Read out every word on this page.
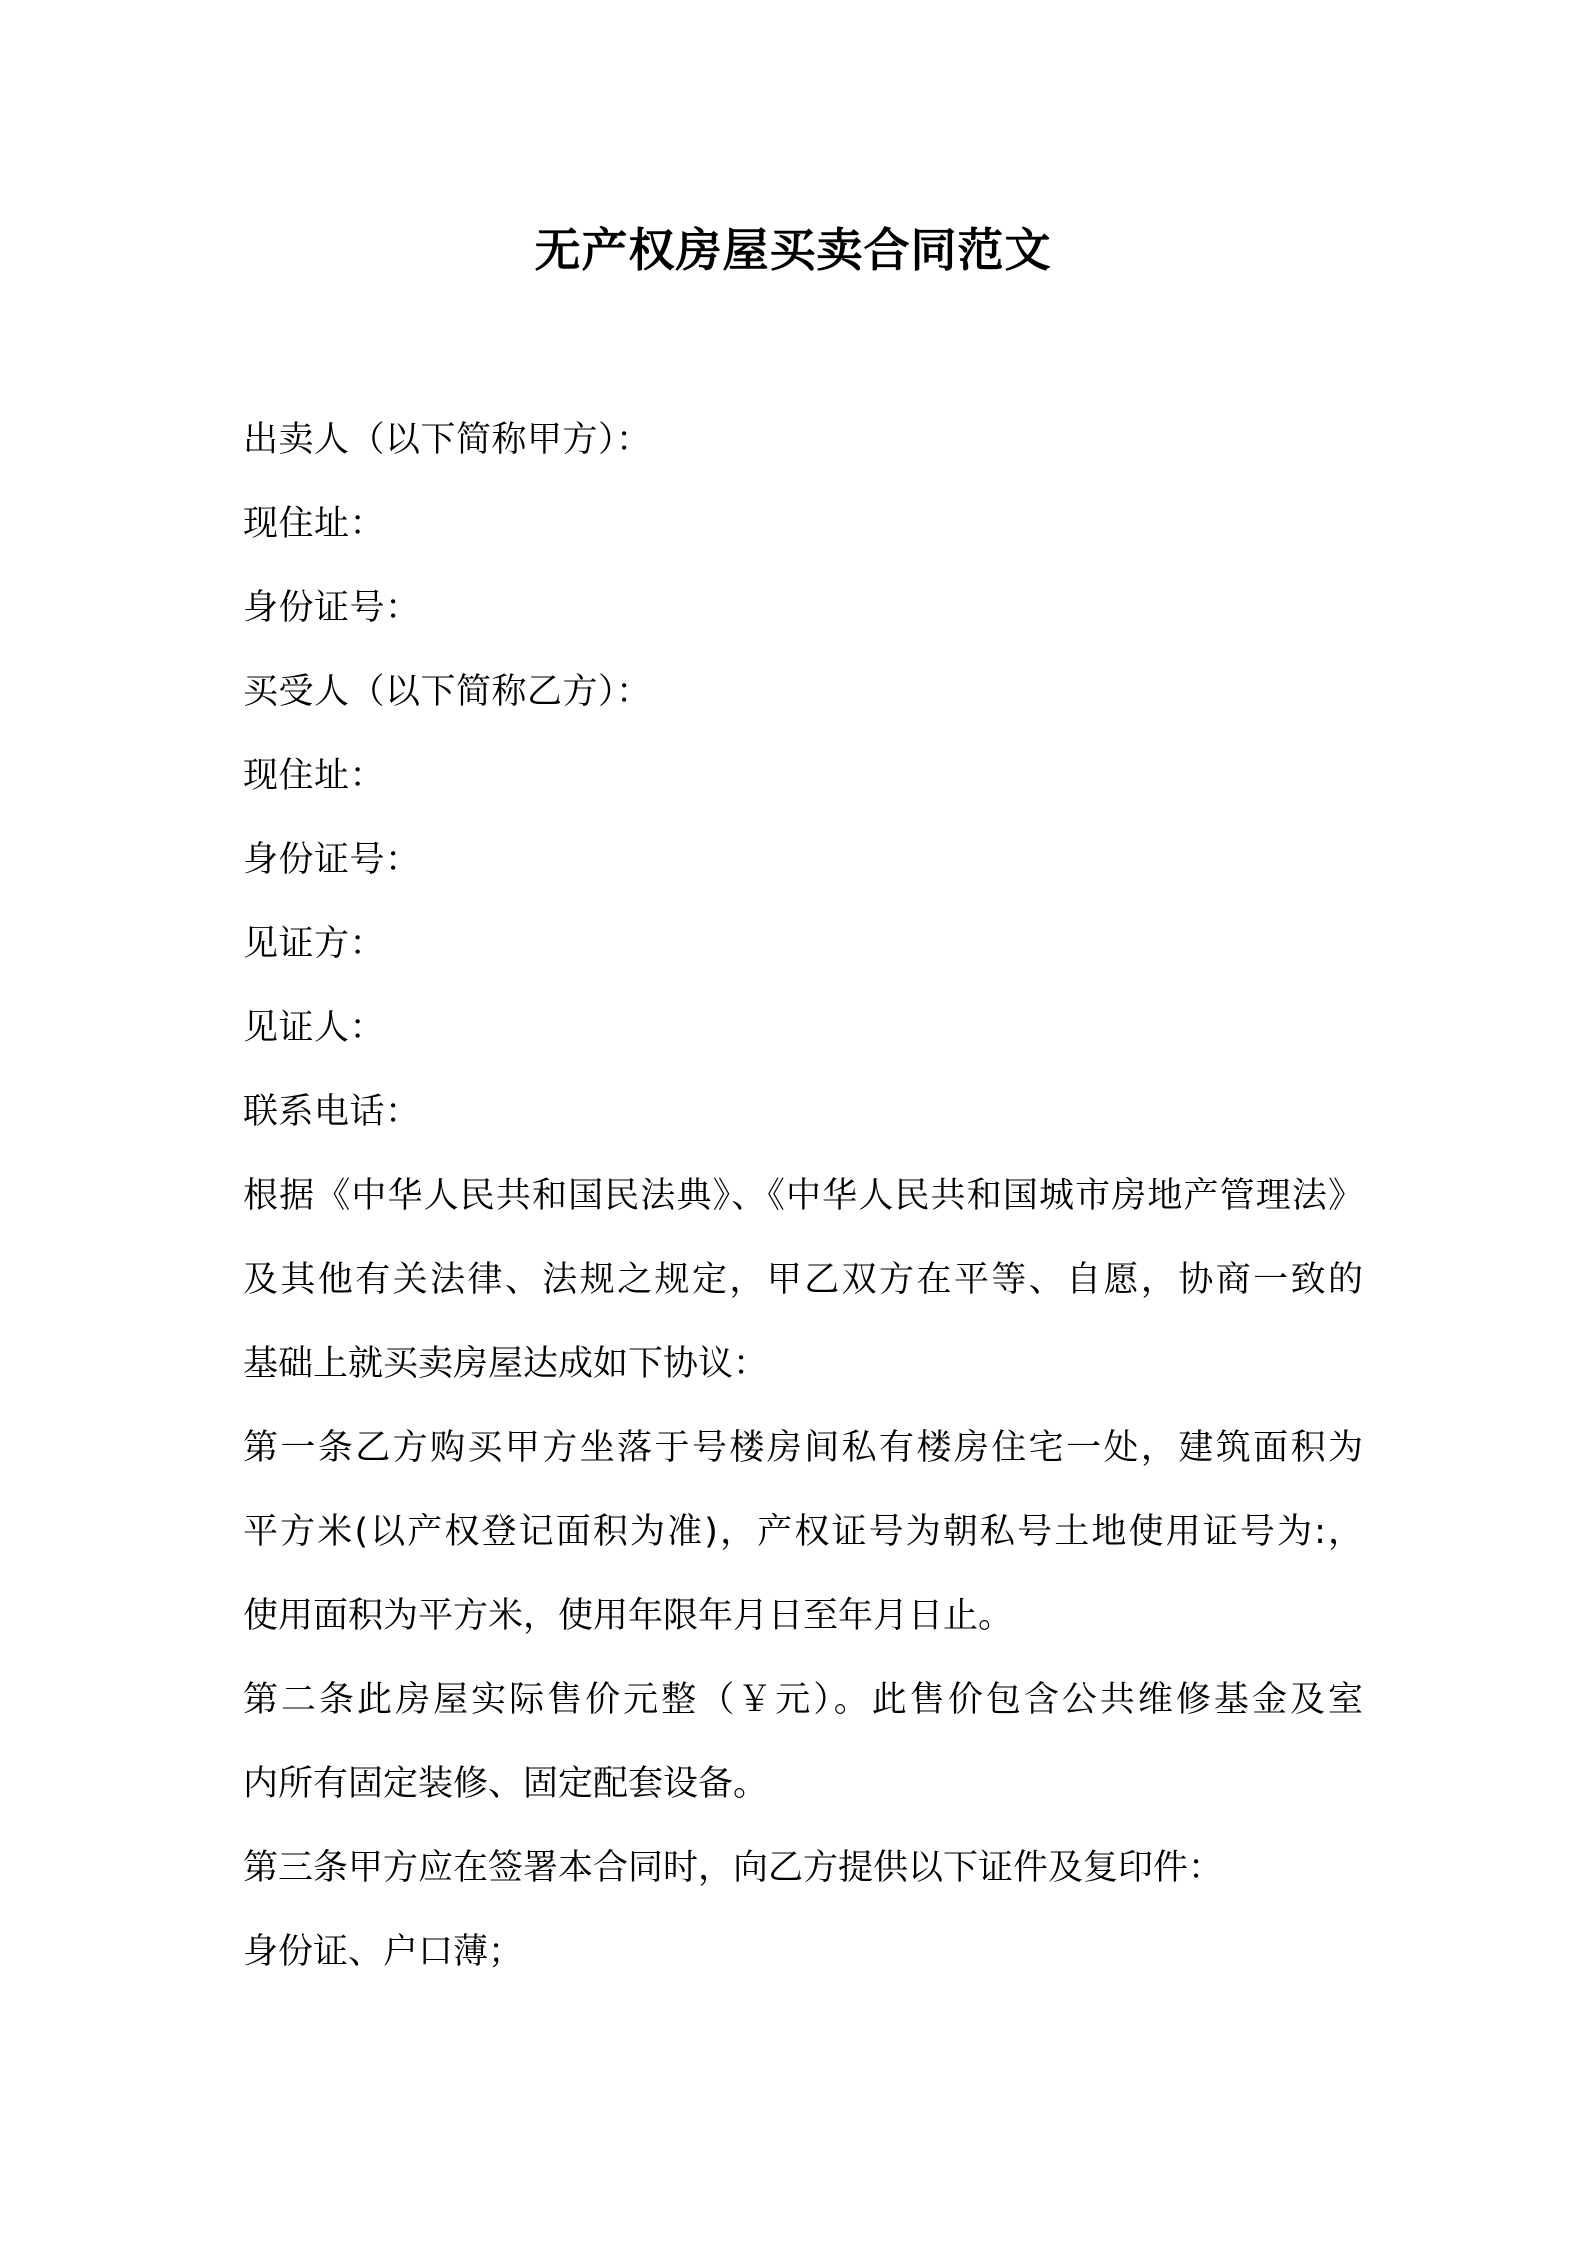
无产权房屋买卖合同范文

出卖人（以下简称甲方）：

现住址：

身份证号：

买受人（以下简称乙方）：

现住址：

身份证号：

见证方：

见证人：

联系电话：

根据《中华人民共和国民法典》、《中华人民共和国城市房地产管理法》

及其他有关法律、法规之规定，甲乙双方在平等、自愿，协商一致的

基础上就买卖房屋达成如下协议：

第一条乙方购买甲方坐落于号楼房间私有楼房住宅一处，建筑面积为

平方米(以产权登记面积为准)，产权证号为朝私号土地使用证号为:，

使用面积为平方米，使用年限年月日至年月日止。

第二条此房屋实际售价元整（￥元）。此售价包含公共维修基金及室

内所有固定装修、固定配套设备。

第三条甲方应在签署本合同时，向乙方提供以下证件及复印件：

身份证、户口薄；
